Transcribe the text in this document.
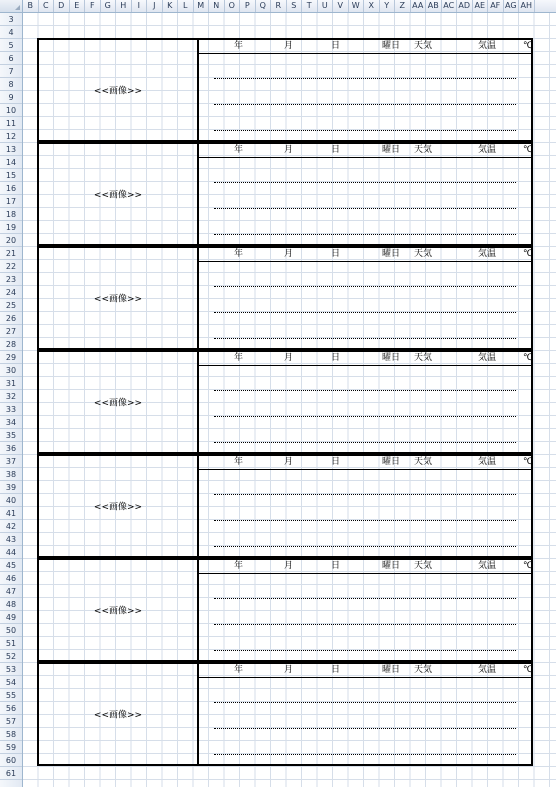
B	C	D	E	F	G	H	I	J	K	L	M	N	O	P	Q	R	S	T	U	V	W	X	Y	Z AA AB AC AD AE AF AG AH
3
4
5
6
7
8
9
10
11
12
13
14
15
16
17
18
19
20
21
22
23
24
25
26
27
28
29
30
31
32
33
34
35
36
37
38
39
40
41
42
43
44
45
46
47
48
49
50
51
52
53
54
55
56
57
58
59
60
61
<<画像>>
年	月	日	曜日 天気	気温	℃
<<画像>>
年	月	日	曜日 天気	気温	℃
<<画像>>
年	月	日	曜日 天気	気温	℃
<<画像>>
年	月	日	曜日 天気	気温	℃
<<画像>>
年	月	日	曜日 天気	気温	℃
<<画像>>
年	月	日	曜日 天気	気温	℃
<<画像>>
年	月	日	曜日 天気	気温	℃
